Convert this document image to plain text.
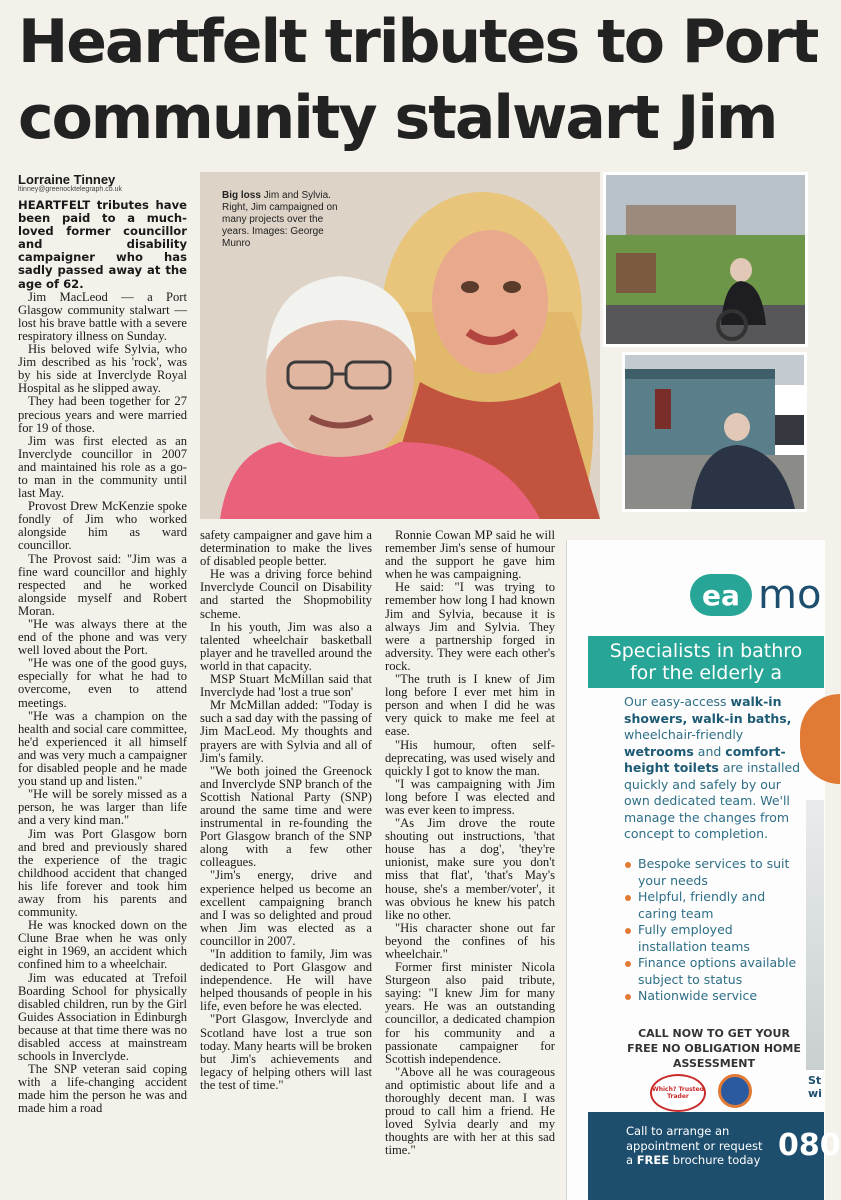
Heartfelt tributes to Port
community stalwart Jim
Lorraine Tinney
ltinney@greenocktelegraph.co.uk
Big loss Jim and Sylvia. Right, Jim campaigned on many projects over the years. Images: George Munro

HEARTFELT tributes have been paid to a much-loved former councillor and disability campaigner who has sadly passed away at the age of 62.

Jim MacLeod — a Port Glasgow community stalwart — lost his brave battle with a severe respiratory illness on Sunday.

His beloved wife Sylvia, who Jim described as his 'rock', was by his side at Inverclyde Royal Hospital as he slipped away.

They had been together for 27 precious years and were married for 19 of those.

Jim was first elected as an Inverclyde councillor in 2007 and maintained his role as a go-to man in the community until last May.

Provost Drew McKenzie spoke fondly of Jim who worked alongside him as ward councillor.

The Provost said: "Jim was a fine ward councillor and highly respected and he worked alongside myself and Robert Moran.

"He was always there at the end of the phone and was very well loved about the Port.

"He was one of the good guys, especially for what he had to overcome, even to attend meetings.

"He was a champion on the health and social care committee, he'd experienced it all himself and was very much a campaigner for disabled people and he made you stand up and listen."

"He will be sorely missed as a person, he was larger than life and a very kind man."

Jim was Port Glasgow born and bred and previously shared the experience of the tragic childhood accident that changed his life forever and took him away from his parents and community.

He was knocked down on the Clune Brae when he was only eight in 1969, an accident which confined him to a wheelchair.

Jim was educated at Trefoil Boarding School for physically disabled children, run by the Girl Guides Association in Edinburgh because at that time there was no disabled access at mainstream schools in Inverclyde.

The SNP veteran said coping with a life-changing accident made him the person he was and made him a road

safety campaigner and gave him a determination to make the lives of disabled people better.

He was a driving force behind Inverclyde Council on Disability and started the Shopmobility scheme.

In his youth, Jim was also a talented wheelchair basketball player and he travelled around the world in that capacity.

MSP Stuart McMillan said that Inverclyde had 'lost a true son'

Mr McMillan added: "Today is such a sad day with the passing of Jim MacLeod. My thoughts and prayers are with Sylvia and all of Jim's family.

"We both joined the Greenock and Inverclyde SNP branch of the Scottish National Party (SNP) around the same time and were instrumental in re-founding the Port Glasgow branch of the SNP along with a few other colleagues.

"Jim's energy, drive and experience helped us become an excellent campaigning branch and I was so delighted and proud when Jim was elected as a councillor in 2007.

"In addition to family, Jim was dedicated to Port Glasgow and independence. He will have helped thousands of people in his life, even before he was elected.

"Port Glasgow, Inverclyde and Scotland have lost a true son today. Many hearts will be broken but Jim's achievements and legacy of helping others will last the test of time."

Ronnie Cowan MP said he will remember Jim's sense of humour and the support he gave him when he was campaigning.

He said: "I was trying to remember how long I had known Jim and Sylvia, because it is always Jim and Sylvia. They were a partnership forged in adversity. They were each other's rock.

"The truth is I knew of Jim long before I ever met him in person and when I did he was very quick to make me feel at ease.

"His humour, often self-deprecating, was used wisely and quickly I got to know the man.

"I was campaigning with Jim long before I was elected and was ever keen to impress.

"As Jim drove the route shouting out instructions, 'that house has a dog', 'they're unionist, make sure you don't miss that flat', 'that's May's house, she's a member/voter', it was obvious he knew his patch like no other.

"His character shone out far beyond the confines of his wheelchair."

Former first minister Nicola Sturgeon also paid tribute, saying: "I knew Jim for many years. He was an outstanding councillor, a dedicated champion for his community and a passionate campaigner for Scottish independence.

"Above all he was courageous and optimistic about life and a thoroughly decent man. I was proud to call him a friend. He loved Sylvia dearly and my thoughts are with her at this sad time."

ea mo
Specialists in bathro
for the elderly a
Our easy-access walk-in showers, walk-in baths, wheelchair-friendly wetrooms and comfort-height toilets are installed quickly and safely by our own dedicated team. We'll manage the changes from concept to completion.
Bespoke services to suit your needs
Helpful, friendly and caring team
Fully employed installation teams
Finance options available subject to status
Nationwide service
CALL NOW TO GET YOUR FREE NO OBLIGATION HOME ASSESSMENT
Which? Trusted Trader
St wi
Call to arrange an appointment or request a FREE brochure today 080
